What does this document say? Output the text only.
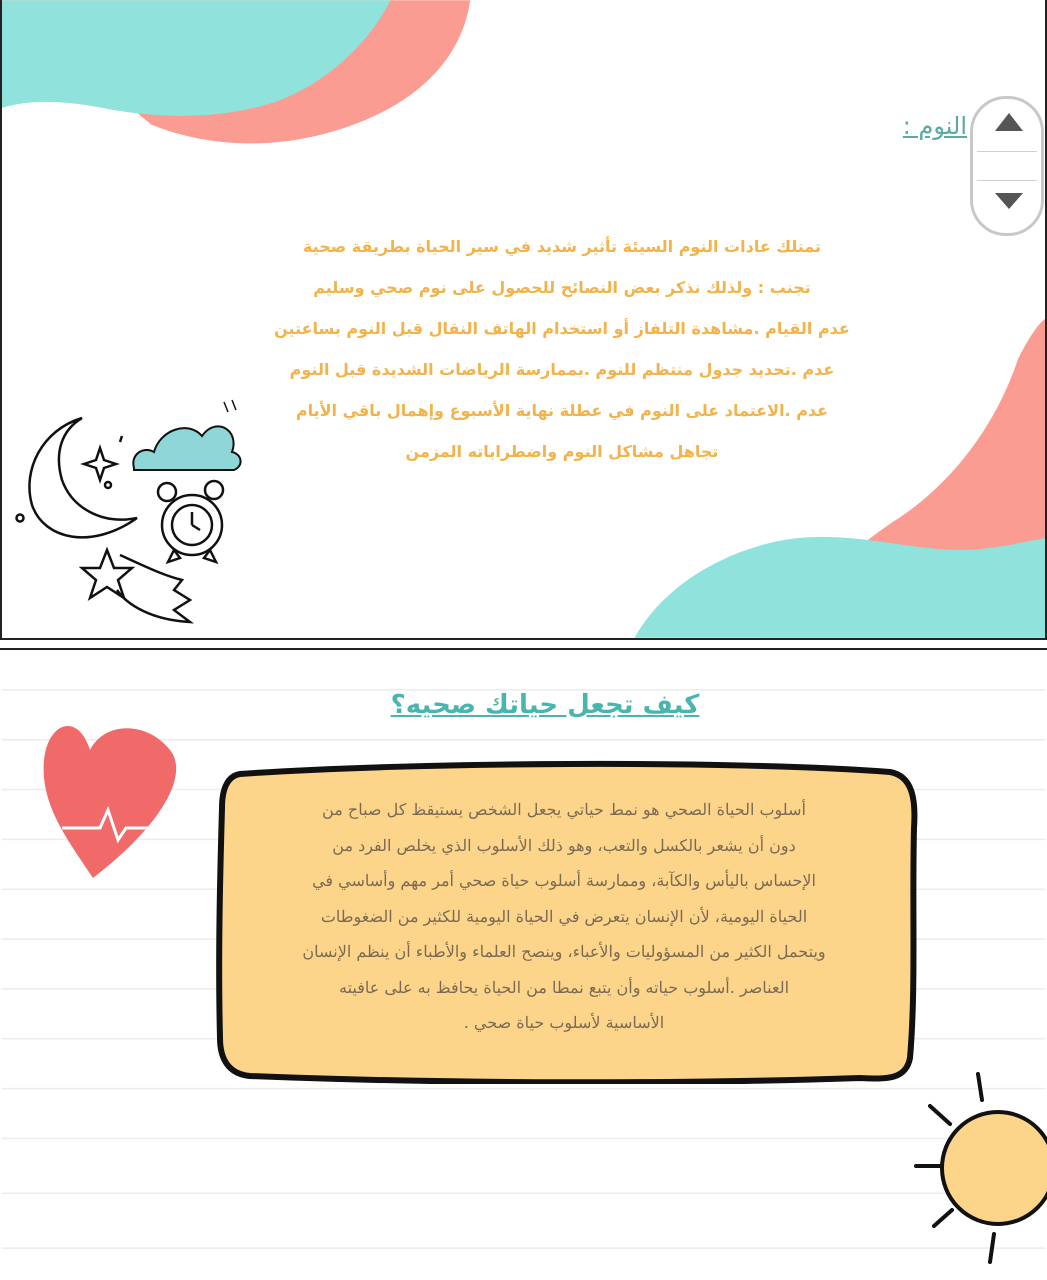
النوم :
تمتلك عادات النوم السيئة تأثير شديد في سير الحياة بطريقة صحية
تجنب : ولذلك نذكر بعض النصائح للحصول على نوم صحي وسليم
عدم القيام .مشاهدة التلفاز أو استخدام الهاتف النقال قبل النوم بساعتين
عدم .تحديد جدول منتظم للنوم .بممارسة الرياضات الشديدة قبل النوم
عدم .الاعتماد على النوم في عطلة نهاية الأسبوع وإهمال باقي الأيام
تجاهل مشاكل النوم واضطراباته المزمن
كيف تجعل حياتك صحيه؟
أسلوب الحياة الصحي هو نمط حياتي يجعل الشخص يستيقظ كل صباح من
دون أن يشعر بالكسل والتعب، وهو ذلك الأسلوب الذي يخلص الفرد من
الإحساس باليأس والكآبة، وممارسة أسلوب حياة صحي أمر مهم وأساسي في
الحياة اليومية، لأن الإنسان يتعرض في الحياة اليومية للكثير من الضغوطات
ويتحمل الكثير من المسؤوليات والأعباء، وينصح العلماء والأطباء أن ينظم الإنسان
العناصر .أسلوب حياته وأن يتبع نمطا من الحياة يحافظ به على عافيته
الأساسية لأسلوب حياة صحي .
